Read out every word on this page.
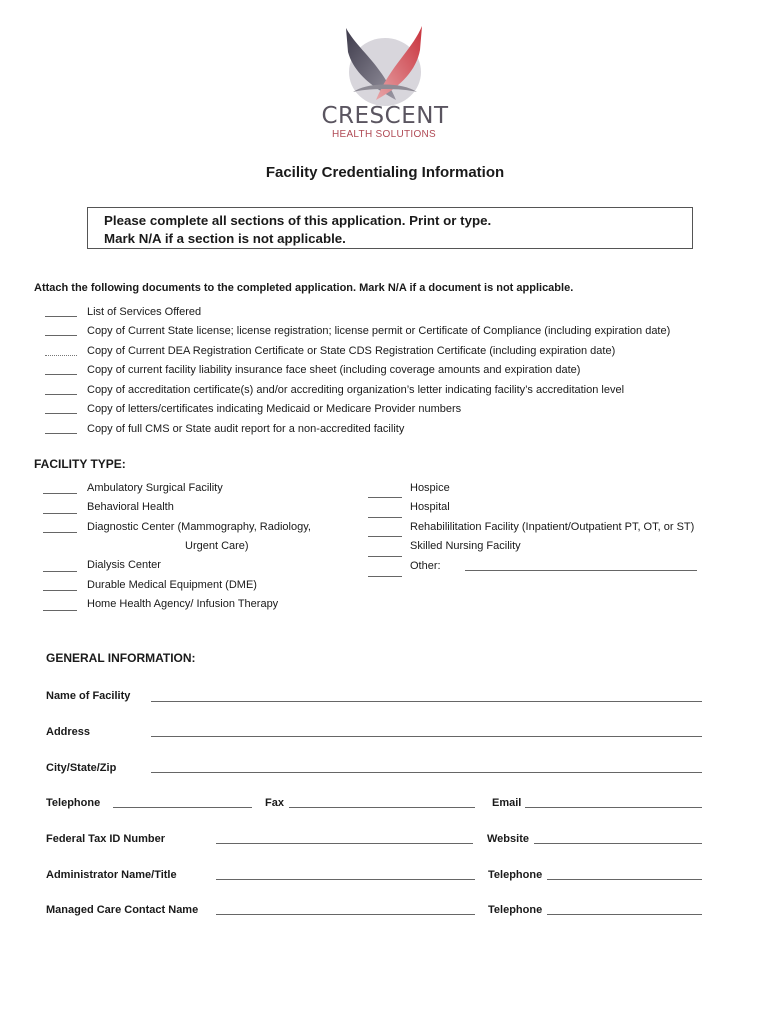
CRESCENT
HEALTH SOLUTIONS
Facility Credentialing Information
Please complete all sections of this application. Print or type.
Mark N/A if a section is not applicable.
Attach the following documents to the completed application. Mark N/A if a document is not applicable.
List of Services Offered
Copy of Current State license; license registration; license permit or Certificate of Compliance (including expiration date)
Copy of Current DEA Registration Certificate or State CDS Registration Certificate (including expiration date)
Copy of current facility liability insurance face sheet (including coverage amounts and expiration date)
Copy of accreditation certificate(s) and/or accrediting organization’s letter indicating facility’s accreditation level
Copy of letters/certificates indicating Medicaid or Medicare Provider numbers
Copy of full CMS or State audit report for a non-accredited facility
FACILITY TYPE:
Ambulatory Surgical Facility
Behavioral Health
Diagnostic Center (Mammography, Radiology,
Urgent Care)
Dialysis Center
Durable Medical Equipment (DME)
Home Health Agency/ Infusion Therapy
Hospice
Hospital
Rehabililitation Facility (Inpatient/Outpatient PT, OT, or ST)
Skilled Nursing Facility
Other:
GENERAL INFORMATION:
Name of Facility
Address
City/State/Zip
Telephone	Fax	Email
Federal Tax ID Number	Website
Administrator Name/Title	Telephone
Managed Care Contact Name	Telephone
